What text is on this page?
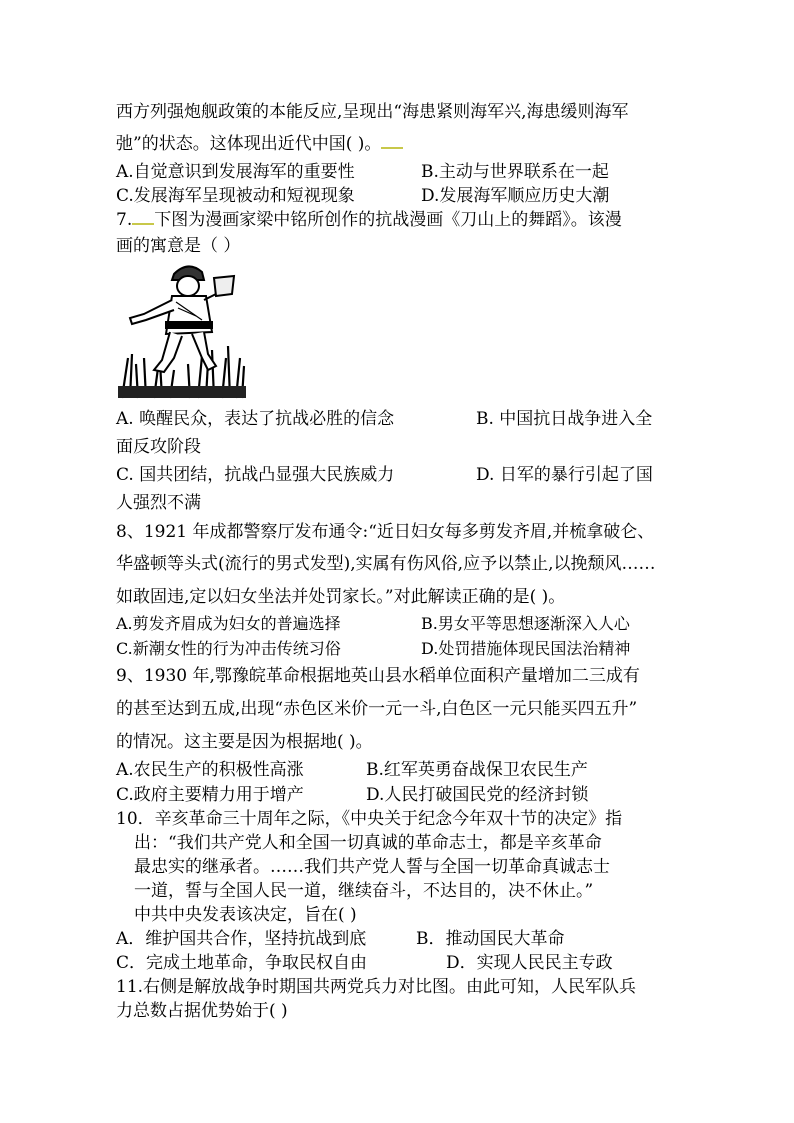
西方列强炮舰政策的本能反应,呈现出“海患紧则海军兴,海患缓则海军
弛”的状态。这体现出近代中国( )。
A.自觉意识到发展海军的重要性	B.主动与世界联系在一起
C.发展海军呈现被动和短视现象	D.发展海军顺应历史大潮
7. 下图为漫画家梁中铭所创作的抗战漫画《刀山上的舞蹈》。该漫
画的寓意是（ ）
A. 唤醒民众，表达了抗战必胜的信念	B. 中国抗日战争进入全
面反攻阶段
C. 国共团结，抗战凸显强大民族威力	D. 日军的暴行引起了国
人强烈不满
8、1921 年成都警察厅发布通令:“近日妇女每多剪发齐眉,并梳拿破仑、
华盛顿等头式(流行的男式发型),实属有伤风俗,应予以禁止,以挽颓风……
如敢固违,定以妇女坐法并处罚家长。”对此解读正确的是( )。
A.剪发齐眉成为妇女的普遍选择	B.男女平等思想逐渐深入人心
C.新潮女性的行为冲击传统习俗	D.处罚措施体现民国法治精神
9、1930 年,鄂豫皖革命根据地英山县水稻单位面积产量增加二三成有
的甚至达到五成,出现“赤色区米价一元一斗,白色区一元只能买四五升”
的情况。这主要是因为根据地( )。
A.农民生产的积极性高涨	B.红军英勇奋战保卫农民生产
C.政府主要精力用于增产	D.人民打破国民党的经济封锁
10．辛亥革命三十周年之际，《中央关于纪念今年双十节的决定》指
出：“我们共产党人和全国一切真诚的革命志士，都是辛亥革命
最忠实的继承者。……我们共产党人誓与全国一切革命真诚志士
一道，誓与全国人民一道，继续奋斗，不达目的，决不休止。”
中共中央发表该决定，旨在( )
A．维护国共合作，坚持抗战到底	B．推动国民大革命
C．完成土地革命，争取民权自由	D．实现人民民主专政
11.右侧是解放战争时期国共两党兵力对比图。由此可知，人民军队兵
力总数占据优势始于( )
